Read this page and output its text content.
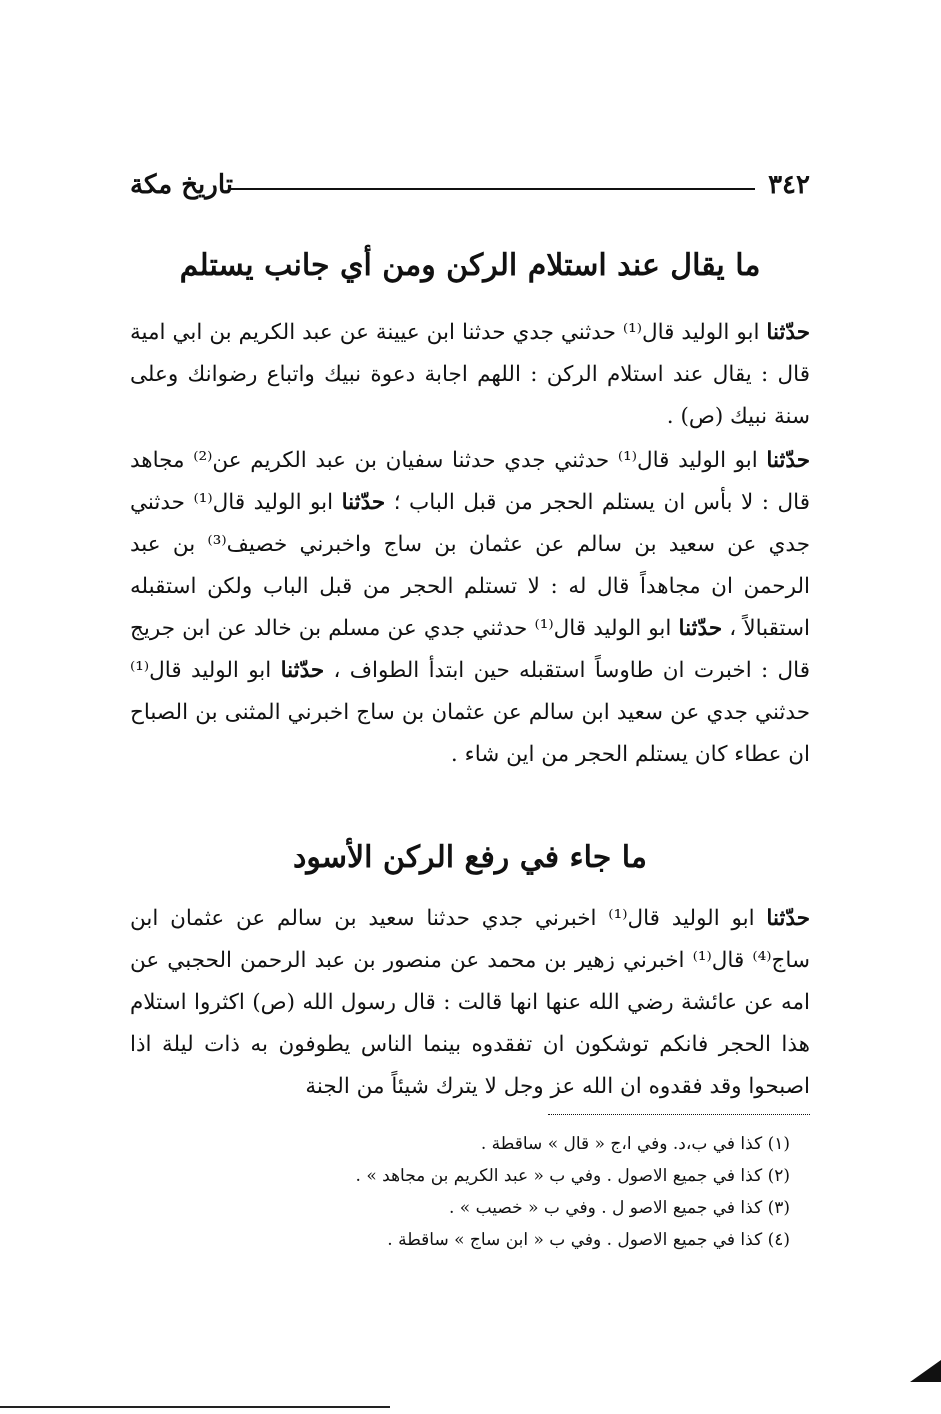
٣٤٢
تاريخ مكة
ما يقال عند استلام الركن ومن أي جانب يستلم

حدّثنا ابو الوليد قال⁽¹⁾ حدثني جدي حدثنا ابن عيينة عن عبد الكريم بن ابي امية قال : يقال عند استلام الركن : اللهم اجابة دعوة نبيك واتباع رضوانك وعلى سنة نبيك (ص) .

حدّثنا ابو الوليد قال⁽¹⁾ حدثني جدي حدثنا سفيان بن عبد الكريم عن⁽²⁾ مجاهد قال : لا بأس ان يستلم الحجر من قبل الباب ؛ حدّثنا ابو الوليد قال⁽¹⁾ حدثني جدي عن سعيد بن سالم عن عثمان بن ساج واخبرني خصيف⁽³⁾ بن عبد الرحمن ان مجاهداً قال له : لا تستلم الحجر من قبل الباب ولكن استقبله استقبالاً ، حدّثنا ابو الوليد قال⁽¹⁾ حدثني جدي عن مسلم بن خالد عن ابن جريج قال : اخبرت ان طاوساً استقبله حين ابتدأ الطواف ، حدّثنا ابو الوليد قال⁽¹⁾ حدثني جدي عن سعيد ابن سالم عن عثمان بن ساج اخبرني المثنى بن الصباح ان عطاء كان يستلم الحجر من اين شاء .

ما جاء في رفع الركن الأسود

حدّثنا ابو الوليد قال⁽¹⁾ اخبرني جدي حدثنا سعيد بن سالم عن عثمان ابن ساج⁽⁴⁾ قال⁽¹⁾ اخبرني زهير بن محمد عن منصور بن عبد الرحمن الحجبي عن امه عن عائشة رضي الله عنها انها قالت : قال رسول الله (ص) اكثروا استلام هذا الحجر فانكم توشكون ان تفقدوه بينما الناس يطوفون به ذات ليلة اذا اصبحوا وقد فقدوه ان الله عز وجل لا يترك شيئاً من الجنة

(١) كذا في ب،د. وفي ا،ج « قال » ساقطة .
(٢) كذا في جميع الاصول . وفي ب « عبد الكريم بن مجاهد » .
(٣) كذا في جميع الاصو ل . وفي ب « خصيب » .
(٤) كذا في جميع الاصول . وفي ب « ابن ساج » ساقطة .
